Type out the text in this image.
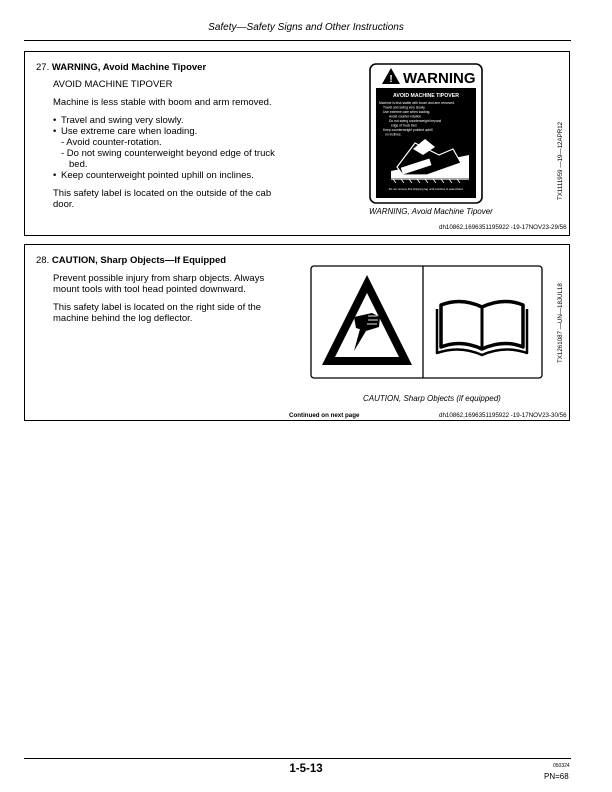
Safety—Safety Signs and Other Instructions
27. WARNING, Avoid Machine Tipover
AVOID MACHINE TIPOVER
Machine is less stable with boom and arm removed.
• Travel and swing very slowly.
• Use extreme care when loading.
- Avoid counter-rotation.
- Do not swing counterweight beyond edge of truck
bed.
• Keep counterweight pointed uphill on inclines.
This safety label is located on the outside of the cab
door.
! WARNING
AVOID MACHINE TIPOVER
Machine is less stable with boom and arm removed.
Travel and swing very slowly.
Use extreme care when loading.
Avoid counter-rotation.
Do not swing counterweight beyond
edge of truck bed.
Keep counterweight pointed uphill
on inclines.
Do not remove this shipping tag until machine is assembled.	TX1111959 —19—12APR12
WARNING, Avoid Machine Tipover
dh10862,1696351195922 -19-17NOV23-29/56
28. CAUTION, Sharp Objects—If Equipped
Prevent possible injury from sharp objects. Always
mount tools with tool head pointed downward.
This safety label is located on the right side of the
machine behind the log deflector.	TX1261087 —UN—18JUL18
CAUTION, Sharp Objects (if equipped)
Continued on next page	dh10862,1696351195922 -19-17NOV23-30/56
1-5-13	050324
PN=68
